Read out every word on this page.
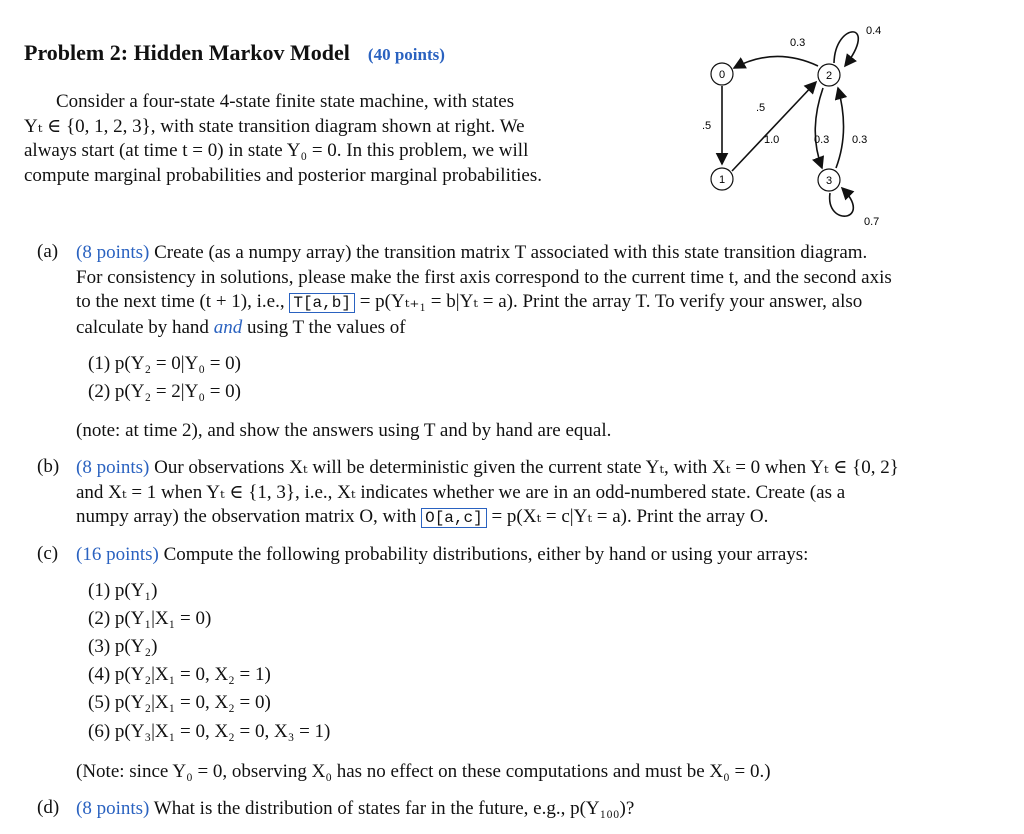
Problem 2: Hidden Markov Model (40 points)
Consider a four-state 4-state finite state machine, with states
Yₜ ∈ {0, 1, 2, 3}, with state transition diagram shown at right. We
always start (at time t = 0) in state Y₀ = 0. In this problem, we will
compute marginal probabilities and posterior marginal probabilities.
0
1
2
3
0.3
0.4
.5
.5
1.0	0.3 0.3
0.7
(a) (8 points) Create (as a numpy array) the transition matrix T associated with this state transition diagram.
For consistency in solutions, please make the first axis correspond to the current time t, and the second axis
to the next time (t + 1), i.e., T[a,b] = p(Yₜ₊₁ = b|Yₜ = a). Print the array T. To verify your answer, also
calculate by hand and using T the values of
(1) p(Y₂ = 0|Y₀ = 0)
(2) p(Y₂ = 2|Y₀ = 0)
(note: at time 2), and show the answers using T and by hand are equal.
(b) (8 points) Our observations Xₜ will be deterministic given the current state Yₜ, with Xₜ = 0 when Yₜ ∈ {0, 2}
and Xₜ = 1 when Yₜ ∈ {1, 3}, i.e., Xₜ indicates whether we are in an odd-numbered state. Create (as a
numpy array) the observation matrix O, with O[a,c] = p(Xₜ = c|Yₜ = a). Print the array O.
(c) (16 points) Compute the following probability distributions, either by hand or using your arrays:
(1) p(Y₁)
(2) p(Y₁|X₁ = 0)
(3) p(Y₂)
(4) p(Y₂|X₁ = 0, X₂ = 1)
(5) p(Y₂|X₁ = 0, X₂ = 0)
(6) p(Y₃|X₁ = 0, X₂ = 0, X₃ = 1)
(Note: since Y₀ = 0, observing X₀ has no effect on these computations and must be X₀ = 0.)
(d) (8 points) What is the distribution of states far in the future, e.g., p(Y₁₀₀)?
